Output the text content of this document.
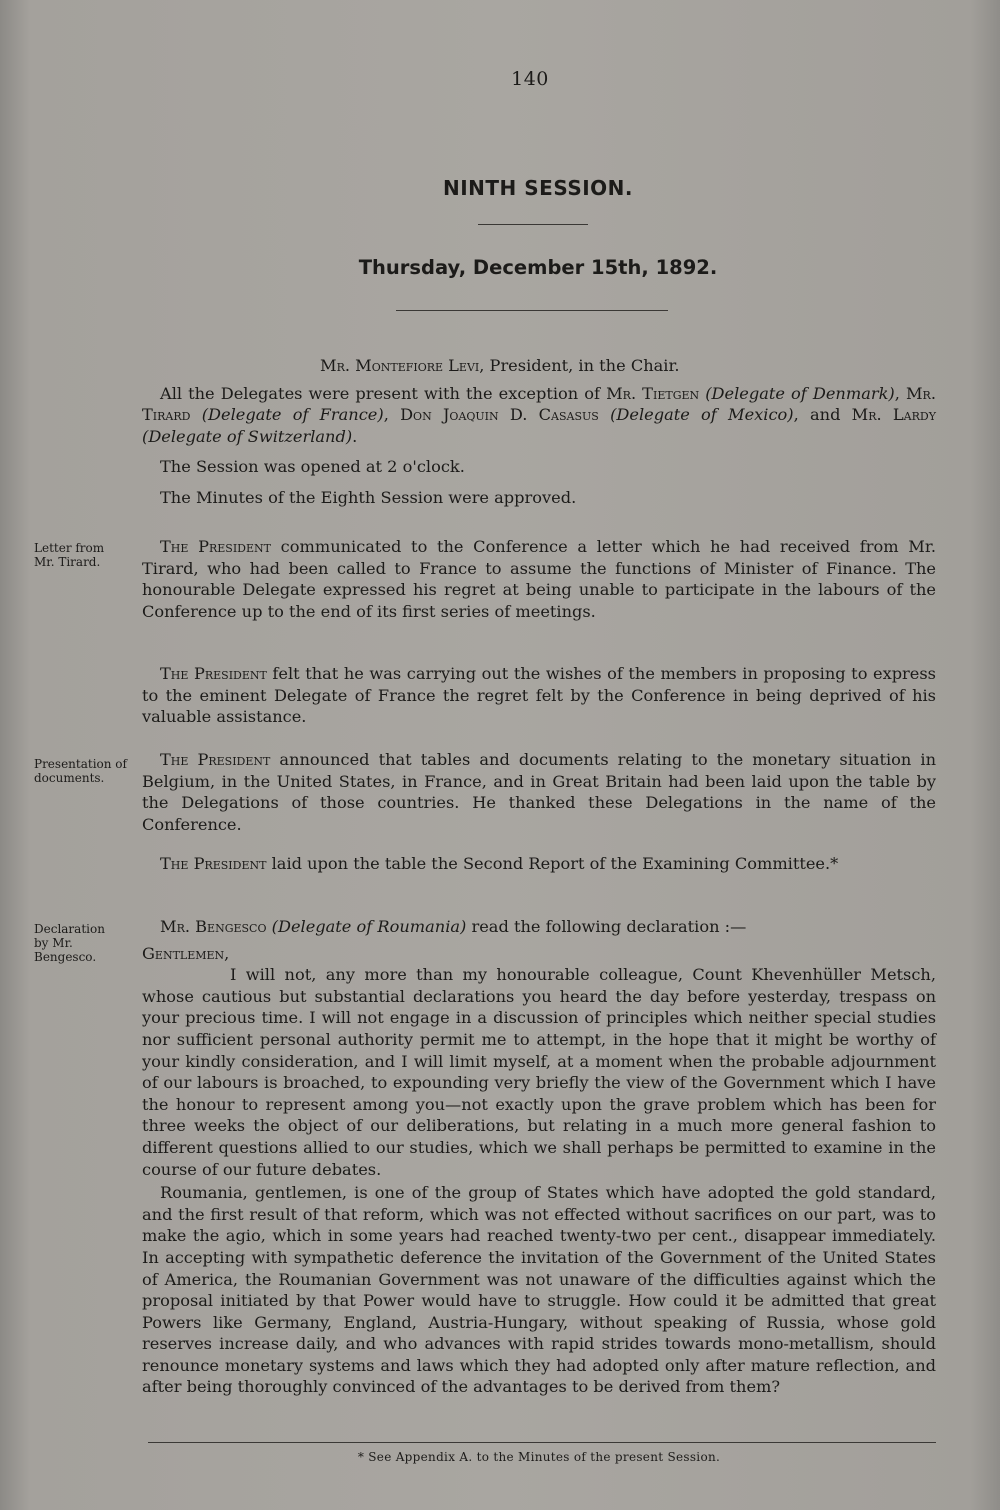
140
NINTH SESSION.
Thursday, December 15th, 1892.

Mr. Montefiore Levi, President, in the Chair.

All the Delegates were present with the exception of Mr. Tietgen (Delegate of Denmark), Mr. Tirard (Delegate of France), Don Joaquin D. Casasus (Delegate of Mexico), and Mr. Lardy (Delegate of Switzerland).

The Session was opened at 2 o'clock.

The Minutes of the Eighth Session were approved.

Letter from Mr. Tirard.

The President communicated to the Conference a letter which he had received from Mr. Tirard, who had been called to France to assume the functions of Minister of Finance. The honourable Delegate expressed his regret at being unable to participate in the labours of the Conference up to the end of its first series of meetings.

The President felt that he was carrying out the wishes of the members in proposing to express to the eminent Delegate of France the regret felt by the Conference in being deprived of his valuable assistance.

Presentation of documents.

The President announced that tables and documents relating to the monetary situation in Belgium, in the United States, in France, and in Great Britain had been laid upon the table by the Delegations of those countries. He thanked these Delegations in the name of the Conference.

The President laid upon the table the Second Report of the Examining Committee.*

Declaration by Mr. Bengesco.

Mr. Bengesco (Delegate of Roumania) read the following declaration :—

Gentlemen,

I will not, any more than my honourable colleague, Count Khevenhüller Metsch, whose cautious but substantial declarations you heard the day before yesterday, trespass on your precious time. I will not engage in a discussion of principles which neither special studies nor sufficient personal authority permit me to attempt, in the hope that it might be worthy of your kindly consideration, and I will limit myself, at a moment when the probable adjournment of our labours is broached, to expounding very briefly the view of the Government which I have the honour to represent among you—not exactly upon the grave problem which has been for three weeks the object of our deliberations, but relating in a much more general fashion to different questions allied to our studies, which we shall perhaps be permitted to examine in the course of our future debates.

Roumania, gentlemen, is one of the group of States which have adopted the gold standard, and the first result of that reform, which was not effected without sacrifices on our part, was to make the agio, which in some years had reached twenty-two per cent., disappear immediately. In accepting with sympathetic deference the invitation of the Government of the United States of America, the Roumanian Government was not unaware of the difficulties against which the proposal initiated by that Power would have to struggle. How could it be admitted that great Powers like Germany, England, Austria-Hungary, without speaking of Russia, whose gold reserves increase daily, and who advances with rapid strides towards mono-metallism, should renounce monetary systems and laws which they had adopted only after mature reflection, and after being thoroughly convinced of the advantages to be derived from them?

* See Appendix A. to the Minutes of the present Session.
